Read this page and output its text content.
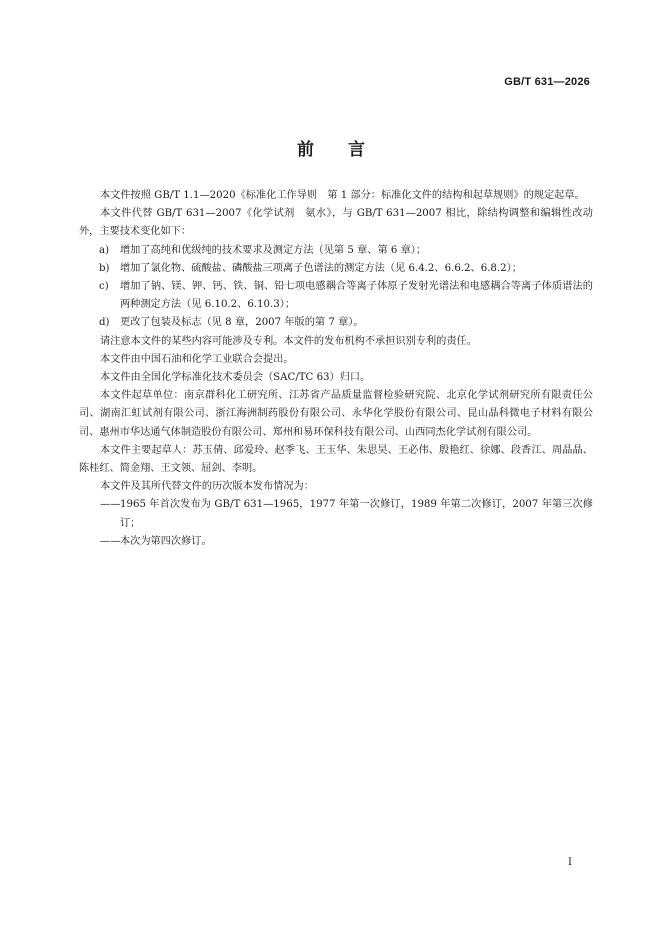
GB/T 631—2026
前言

本文件按照 GB/T 1.1—2020《标准化工作导则　第 1 部分：标准化文件的结构和起草规则》的规定起草。

本文件代替 GB/T 631—2007《化学试剂　氨水》，与 GB/T 631—2007 相比，除结构调整和编辑性改动外，主要技术变化如下：

a) 增加了高纯和优级纯的技术要求及测定方法（见第 5 章、第 6 章）；

b) 增加了氯化物、硫酸盐、磷酸盐三项离子色谱法的测定方法（见 6.4.2、6.6.2、6.8.2）；

c) 增加了钠、镁、钾、钙、铁、铜、铅七项电感耦合等离子体原子发射光谱法和电感耦合等离子体质谱法的两种测定方法（见 6.10.2、6.10.3）；

d) 更改了包装及标志（见 8 章，2007 年版的第 7 章）。

请注意本文件的某些内容可能涉及专利。本文件的发布机构不承担识别专利的责任。

本文件由中国石油和化学工业联合会提出。

本文件由全国化学标准化技术委员会（SAC/TC 63）归口。

本文件起草单位：南京群科化工研究所、江苏省产品质量监督检验研究院、北京化学试剂研究所有限责任公司、湖南汇虹试剂有限公司、浙江海洲制药股份有限公司、永华化学股份有限公司、昆山晶科微电子材料有限公司、惠州市华达通气体制造股份有限公司、郑州和易环保科技有限公司、山西同杰化学试剂有限公司。

本文件主要起草人：苏玉倩、邱爱玲、赵季飞、王玉华、朱思昊、王必伟、殷艳红、徐娜、段香江、周晶晶、陈桂红、简金翔、王文领、屈剑、李明。

本文件及其所代替文件的历次版本发布情况为：

—— 1965 年首次发布为 GB/T 631—1965，1977 年第一次修订，1989 年第二次修订，2007 年第三次修订；

—— 本次为第四次修订。

I
